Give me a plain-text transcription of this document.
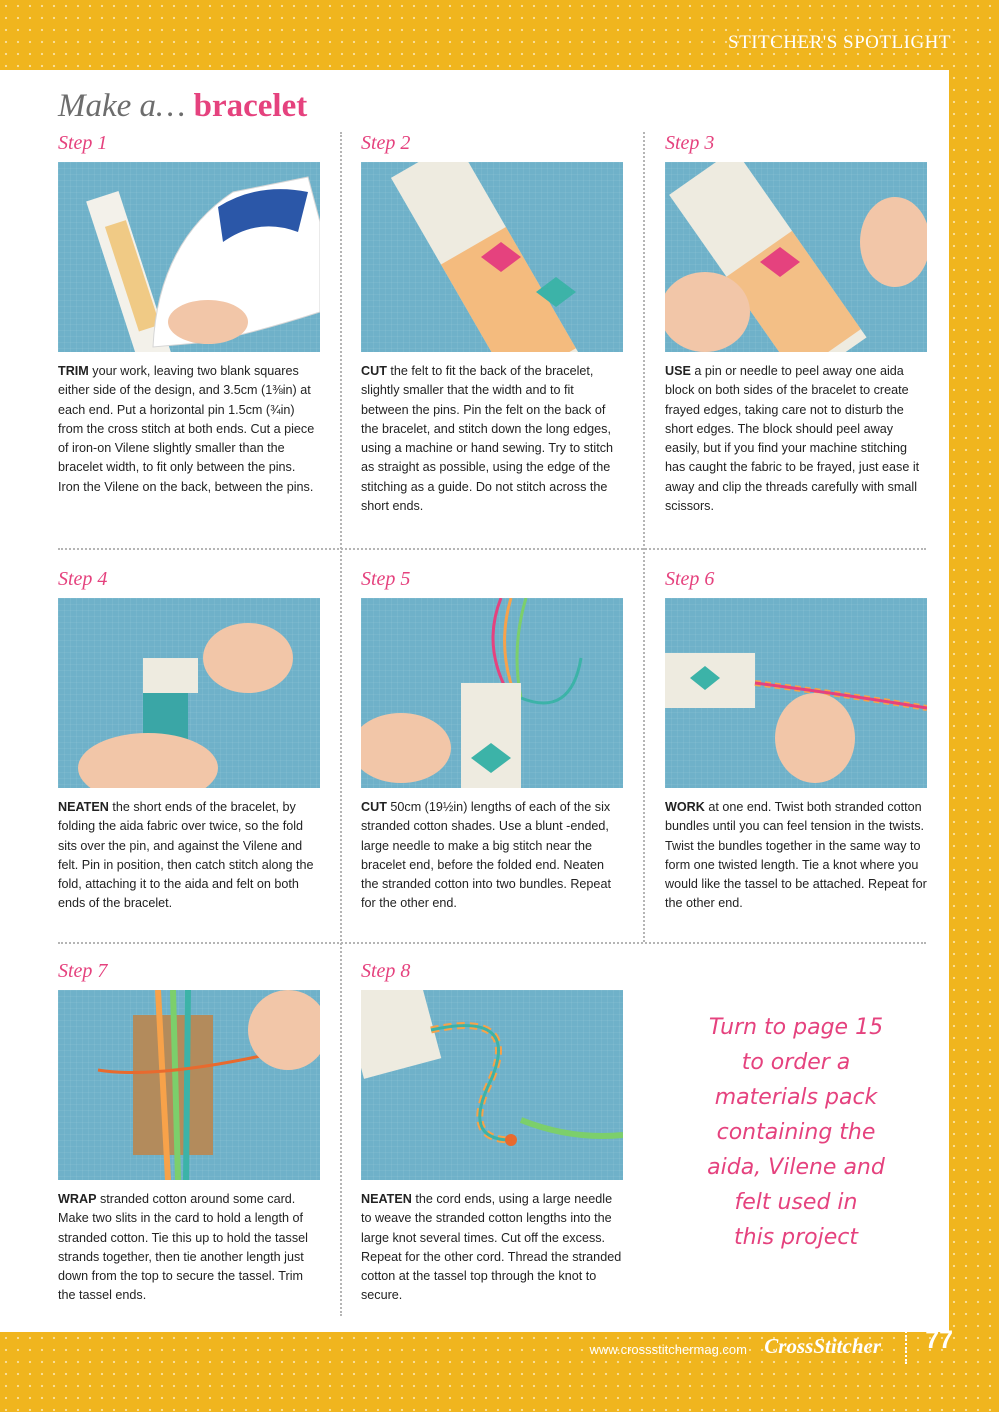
STITCHER'S SPOTLIGHT
Make a… bracelet
Step 1
TRIM your work, leaving two blank squares either side of the design, and 3.5cm (1⅜in) at each end. Put a horizontal pin 1.5cm (¾in) from the cross stitch at both ends. Cut a piece of iron-on Vilene slightly smaller than the bracelet width, to fit only between the pins. Iron the Vilene on the back, between the pins.
Step 2
CUT the felt to fit the back of the bracelet, slightly smaller that the width and to fit between the pins. Pin the felt on the back of the bracelet, and stitch down the long edges, using a machine or hand sewing. Try to stitch as straight as possible, using the edge of the stitching as a guide. Do not stitch across the short ends.
Step 3
USE a pin or needle to peel away one aida block on both sides of the bracelet to create frayed edges, taking care not to disturb the short edges. The block should peel away easily, but if you find your machine stitching has caught the fabric to be frayed, just ease it away and clip the threads carefully with small scissors.
Step 4
NEATEN the short ends of the bracelet, by folding the aida fabric over twice, so the fold sits over the pin, and against the Vilene and felt. Pin in position, then catch stitch along the fold, attaching it to the aida and felt on both ends of the bracelet.
Step 5
CUT 50cm (19½in) lengths of each of the six stranded cotton shades. Use a blunt -ended, large needle to make a big stitch near the bracelet end, before the folded end. Neaten the stranded cotton into two bundles. Repeat for the other end.
Step 6
WORK at one end. Twist both stranded cotton bundles until you can feel tension in the twists. Twist the bundles together in the same way to form one twisted length. Tie a knot where you would like the tassel to be attached. Repeat for the other end.
Step 7
WRAP stranded cotton around some card. Make two slits in the card to hold a length of stranded cotton. Tie this up to hold the tassel strands together, then tie another length just down from the top to secure the tassel. Trim the tassel ends.
Step 8
NEATEN the cord ends, using a large needle to weave the stranded cotton lengths into the large knot several times. Cut off the excess. Repeat for the other cord. Thread the stranded cotton at the tassel top through the knot to secure.
Turn to page 15
to order a
materials pack
containing the
aida, Vilene and
felt used in
this project
www.crossstitchermag.com CrossStitcher 77
